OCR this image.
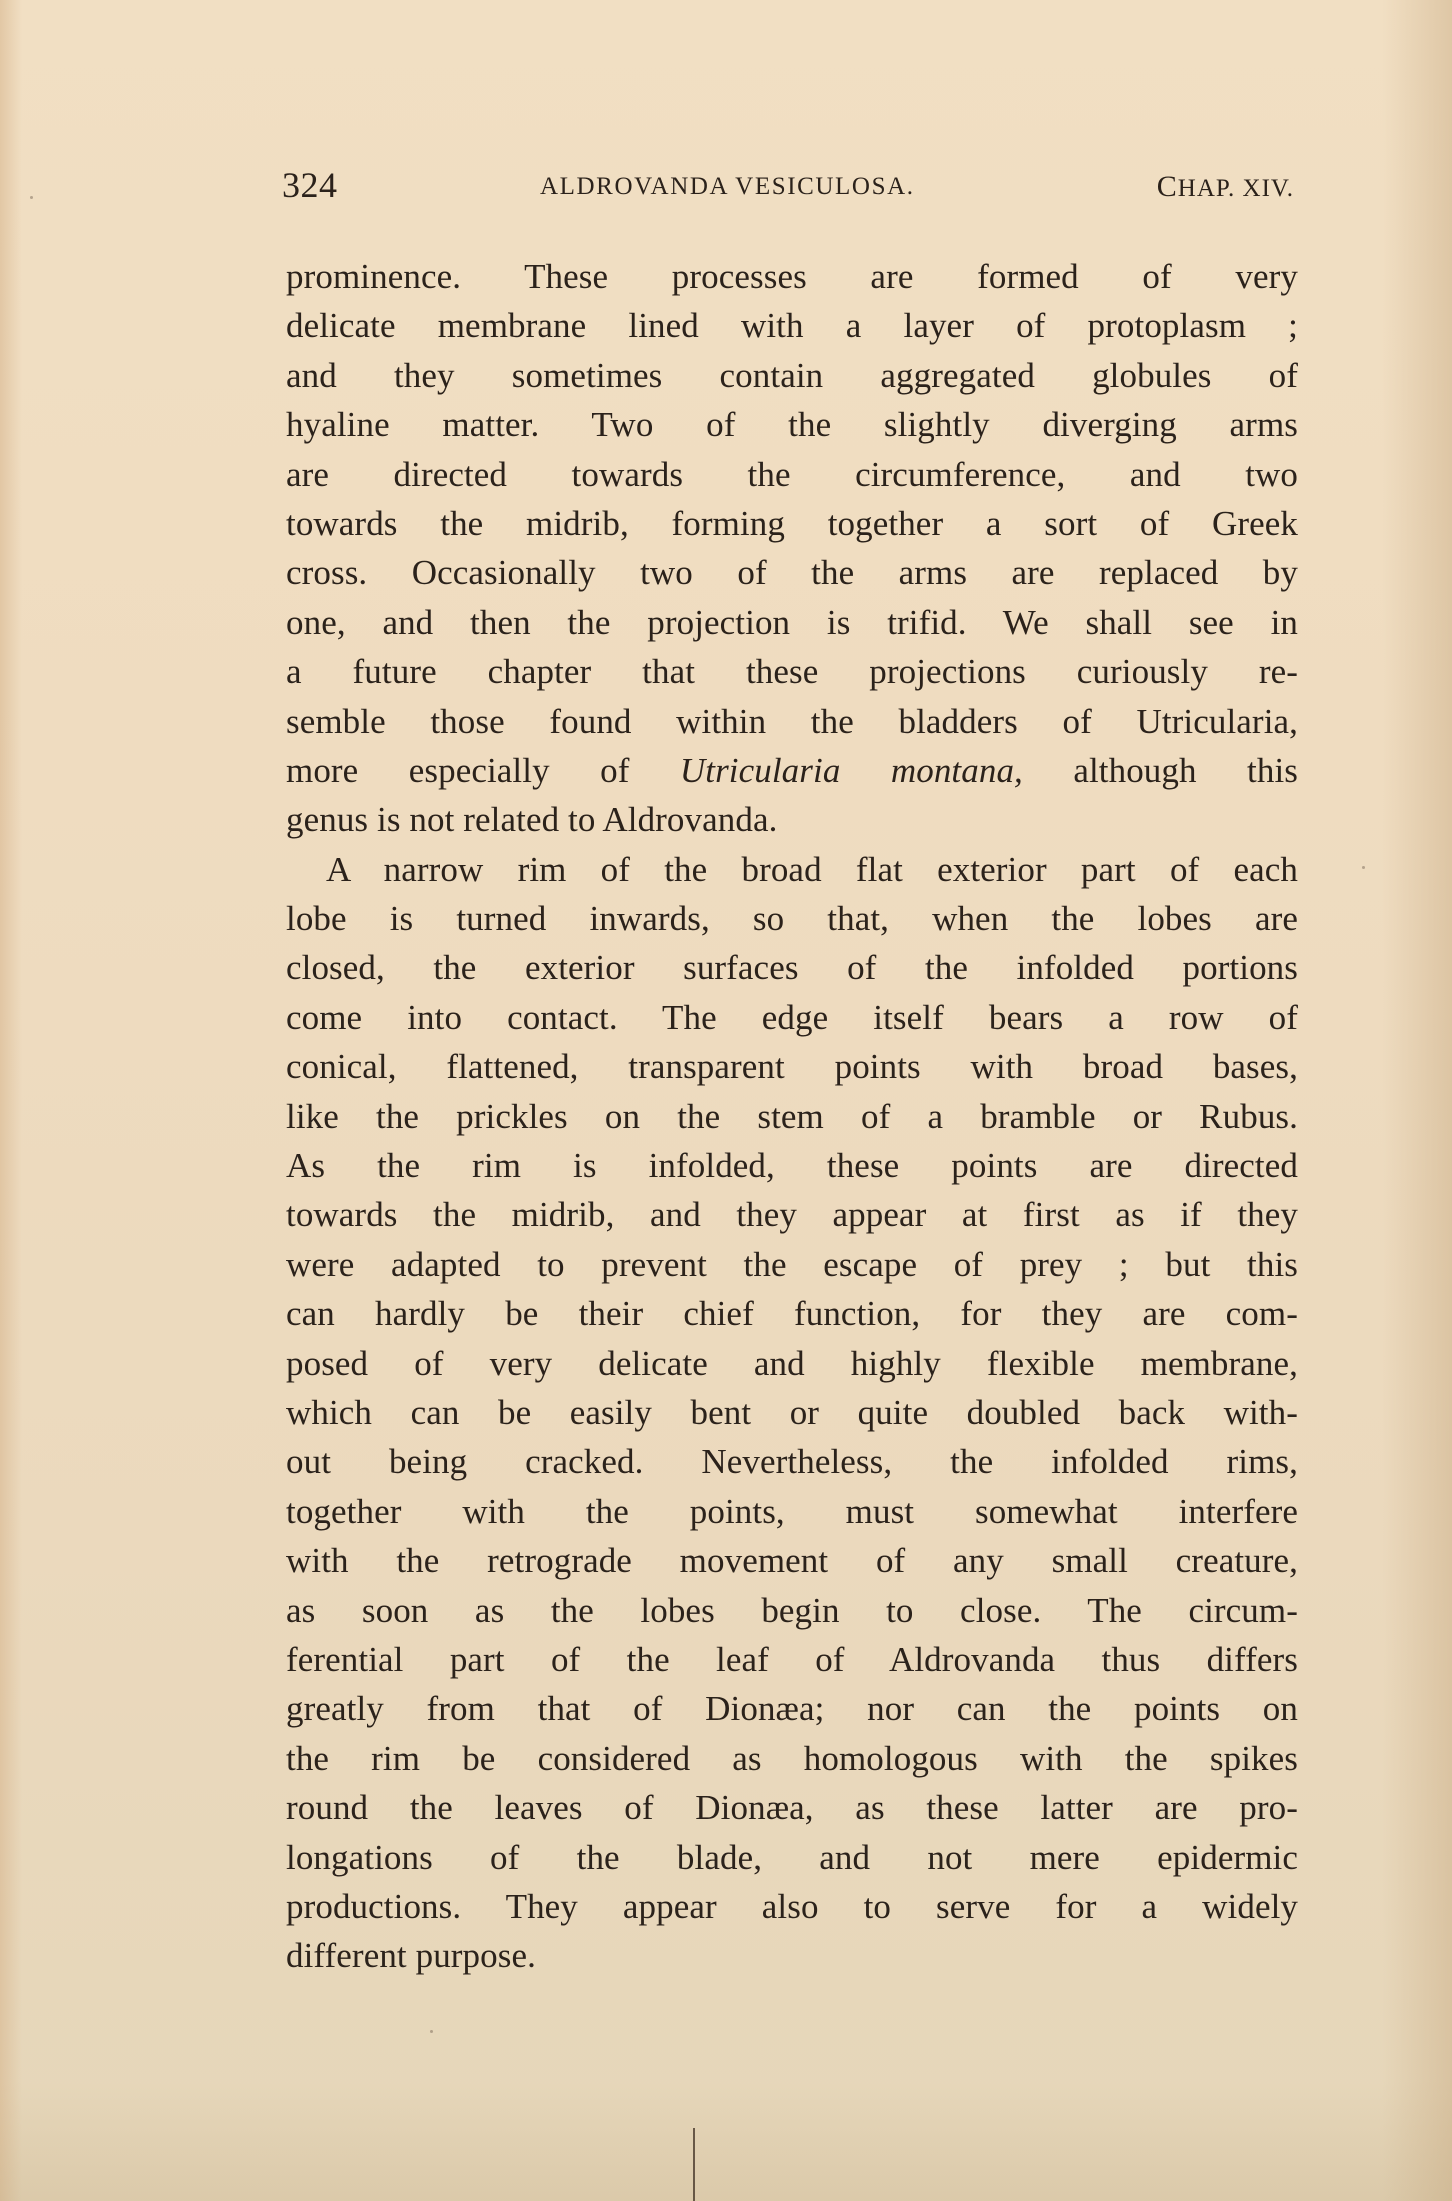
324	ALDROVANDA VESICULOSA.	CHAP. XIV.
prominence. These processes are formed of very
delicate membrane lined with a layer of protoplasm ;
and they sometimes contain aggregated globules of
hyaline matter. Two of the slightly diverging arms
are directed towards the circumference, and two
towards the midrib, forming together a sort of Greek
cross. Occasionally two of the arms are replaced by
one, and then the projection is trifid. We shall see in
a future chapter that these projections curiously re-
semble those found within the bladders of Utricularia,
more especially of Utricularia montana, although this
genus is not related to Aldrovanda.
A narrow rim of the broad flat exterior part of each
lobe is turned inwards, so that, when the lobes are
closed, the exterior surfaces of the infolded portions
come into contact. The edge itself bears a row of
conical, flattened, transparent points with broad bases,
like the prickles on the stem of a bramble or Rubus.
As the rim is infolded, these points are directed
towards the midrib, and they appear at first as if they
were adapted to prevent the escape of prey ; but this
can hardly be their chief function, for they are com-
posed of very delicate and highly flexible membrane,
which can be easily bent or quite doubled back with-
out being cracked. Nevertheless, the infolded rims,
together with the points, must somewhat interfere
with the retrograde movement of any small creature,
as soon as the lobes begin to close. The circum-
ferential part of the leaf of Aldrovanda thus differs
greatly from that of Dionæa; nor can the points on
the rim be considered as homologous with the spikes
round the leaves of Dionæa, as these latter are pro-
longations of the blade, and not mere epidermic
productions. They appear also to serve for a widely
different purpose.
